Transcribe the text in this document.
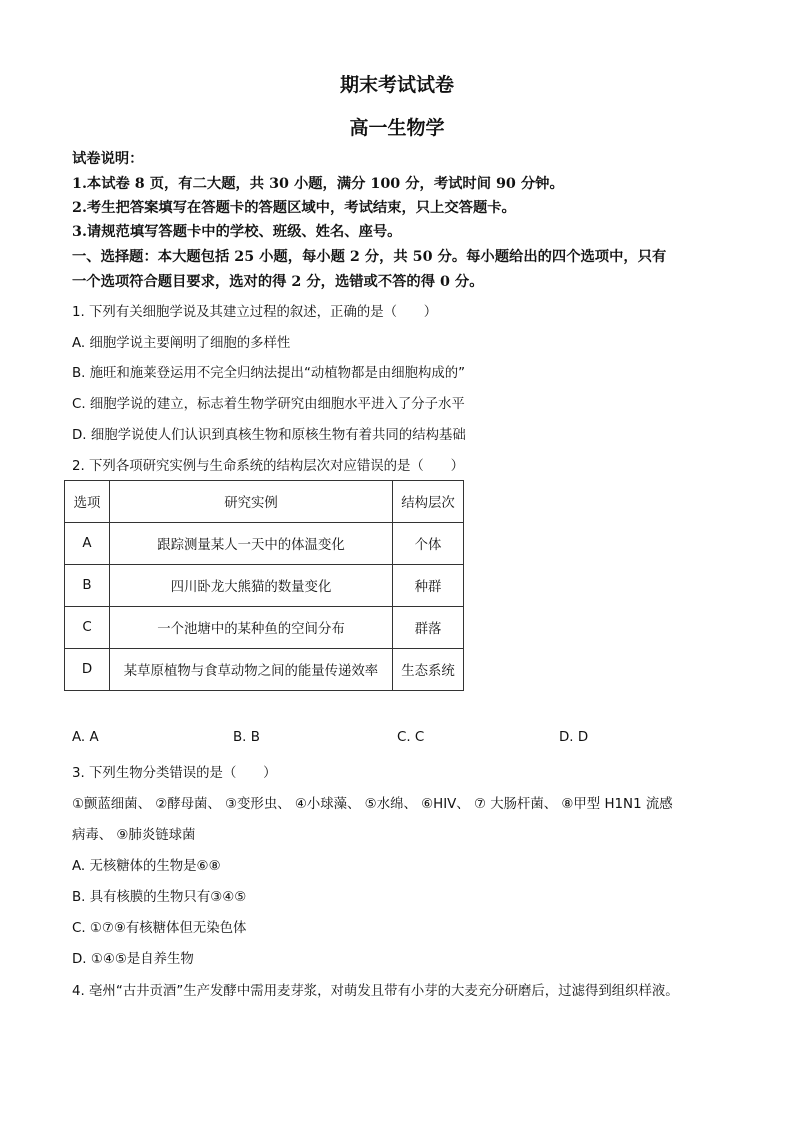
期末考试试卷
高一生物学
试卷说明：
1.本试卷 8 页，有二大题，共 30 小题，满分 100 分，考试时间 90 分钟。
2.考生把答案填写在答题卡的答题区域中，考试结束，只上交答题卡。
3.请规范填写答题卡中的学校、班级、姓名、座号。
一、选择题：本大题包括 25 小题，每小题 2 分，共 50 分。每小题给出的四个选项中，只有
一个选项符合题目要求，选对的得 2 分，选错或不答的得 0 分。
1. 下列有关细胞学说及其建立过程的叙述，正确的是（　　）
A. 细胞学说主要阐明了细胞的多样性
B. 施旺和施莱登运用不完全归纳法提出“动植物都是由细胞构成的”
C. 细胞学说的建立，标志着生物学研究由细胞水平进入了分子水平
D. 细胞学说使人们认识到真核生物和原核生物有着共同的结构基础
2. 下列各项研究实例与生命系统的结构层次对应错误的是（　　）
选项	研究实例	结构层次
A	跟踪测量某人一天中的体温变化	个体
B	四川卧龙大熊猫的数量变化	种群
C	一个池塘中的某种鱼的空间分布	群落
D	某草原植物与食草动物之间的能量传递效率	生态系统
A. A	B. B	C. C	D. D
3. 下列生物分类错误的是（　　）
①颤蓝细菌、 ②酵母菌、 ③变形虫、 ④小球藻、 ⑤水绵、 ⑥HIV、 ⑦ 大肠杆菌、 ⑧甲型 H1N1 流感
病毒、 ⑨肺炎链球菌
A. 无核糖体的生物是⑥⑧
B. 具有核膜的生物只有③④⑤
C. ①⑦⑨有核糖体但无染色体
D. ①④⑤是自养生物
4. 亳州“古井贡酒”生产发酵中需用麦芽浆，对萌发且带有小芽的大麦充分研磨后，过滤得到组织样液。
